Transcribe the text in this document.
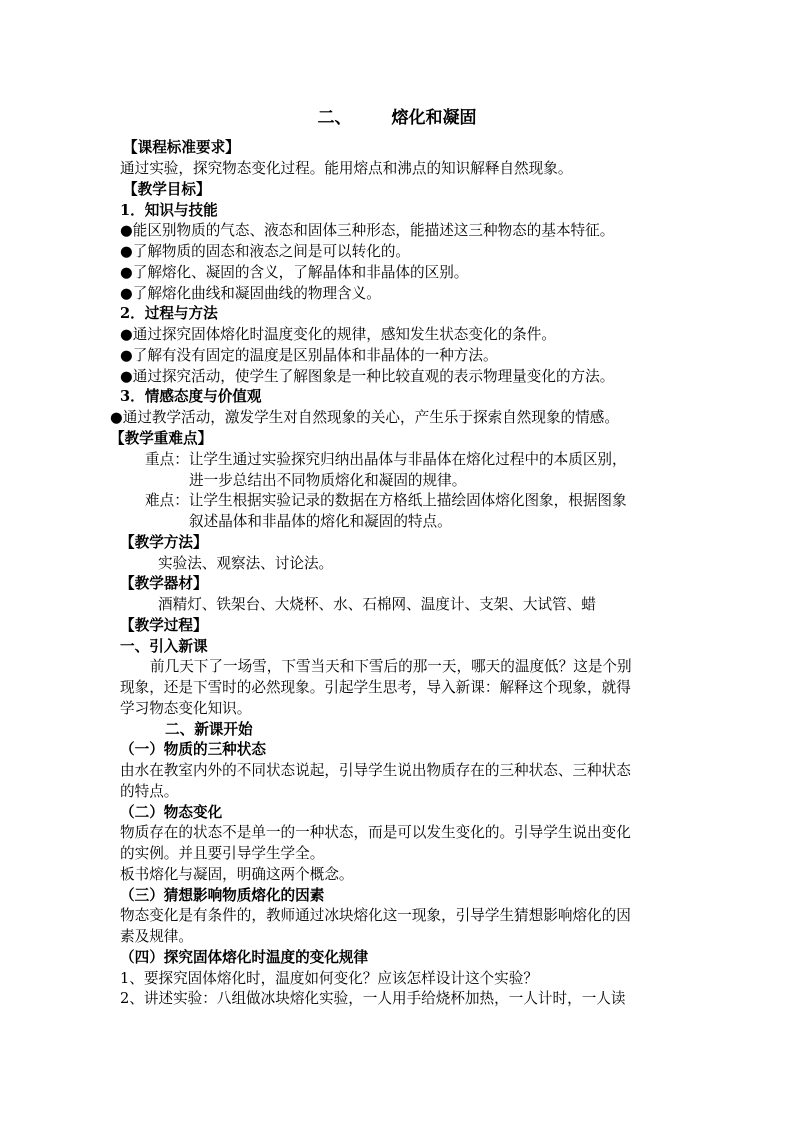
二、 熔化和凝固
【课程标准要求】
通过实验，探究物态变化过程。能用熔点和沸点的知识解释自然现象。
【教学目标】
1．知识与技能
●能区别物质的气态、液态和固体三种形态，能描述这三种物态的基本特征。
●了解物质的固态和液态之间是可以转化的。
●了解熔化、凝固的含义，了解晶体和非晶体的区别。
●了解熔化曲线和凝固曲线的物理含义。
2．过程与方法
●通过探究固体熔化时温度变化的规律，感知发生状态变化的条件。
●了解有没有固定的温度是区别晶体和非晶体的一种方法。
●通过探究活动，使学生了解图象是一种比较直观的表示物理量变化的方法。
3．情感态度与价值观
●通过教学活动，激发学生对自然现象的关心，产生乐于探索自然现象的情感。
【教学重难点】
重点：让学生通过实验探究归纳出晶体与非晶体在熔化过程中的本质区别，
进一步总结出不同物质熔化和凝固的规律。
难点：让学生根据实验记录的数据在方格纸上描绘固体熔化图象，根据图象
叙述晶体和非晶体的熔化和凝固的特点。
【教学方法】
实验法、观察法、讨论法。
【教学器材】
酒精灯、铁架台、大烧杯、水、石棉网、温度计、支架、大试管、蜡
【教学过程】
一、引入新课
前几天下了一场雪，下雪当天和下雪后的那一天，哪天的温度低？这是个别
现象，还是下雪时的必然现象。引起学生思考，导入新课：解释这个现象，就得
学习物态变化知识。
二、新课开始
（一）物质的三种状态
由水在教室内外的不同状态说起，引导学生说出物质存在的三种状态、三种状态
的特点。
（二）物态变化
物质存在的状态不是单一的一种状态，而是可以发生变化的。引导学生说出变化
的实例。并且要引导学生学全。
板书熔化与凝固，明确这两个概念。
（三）猜想影响物质熔化的因素
物态变化是有条件的，教师通过冰块熔化这一现象，引导学生猜想影响熔化的因
素及规律。
（四）探究固体熔化时温度的变化规律
1、要探究固体熔化时，温度如何变化？应该怎样设计这个实验？
2、讲述实验：八组做冰块熔化实验，一人用手给烧杯加热，一人计时，一人读
